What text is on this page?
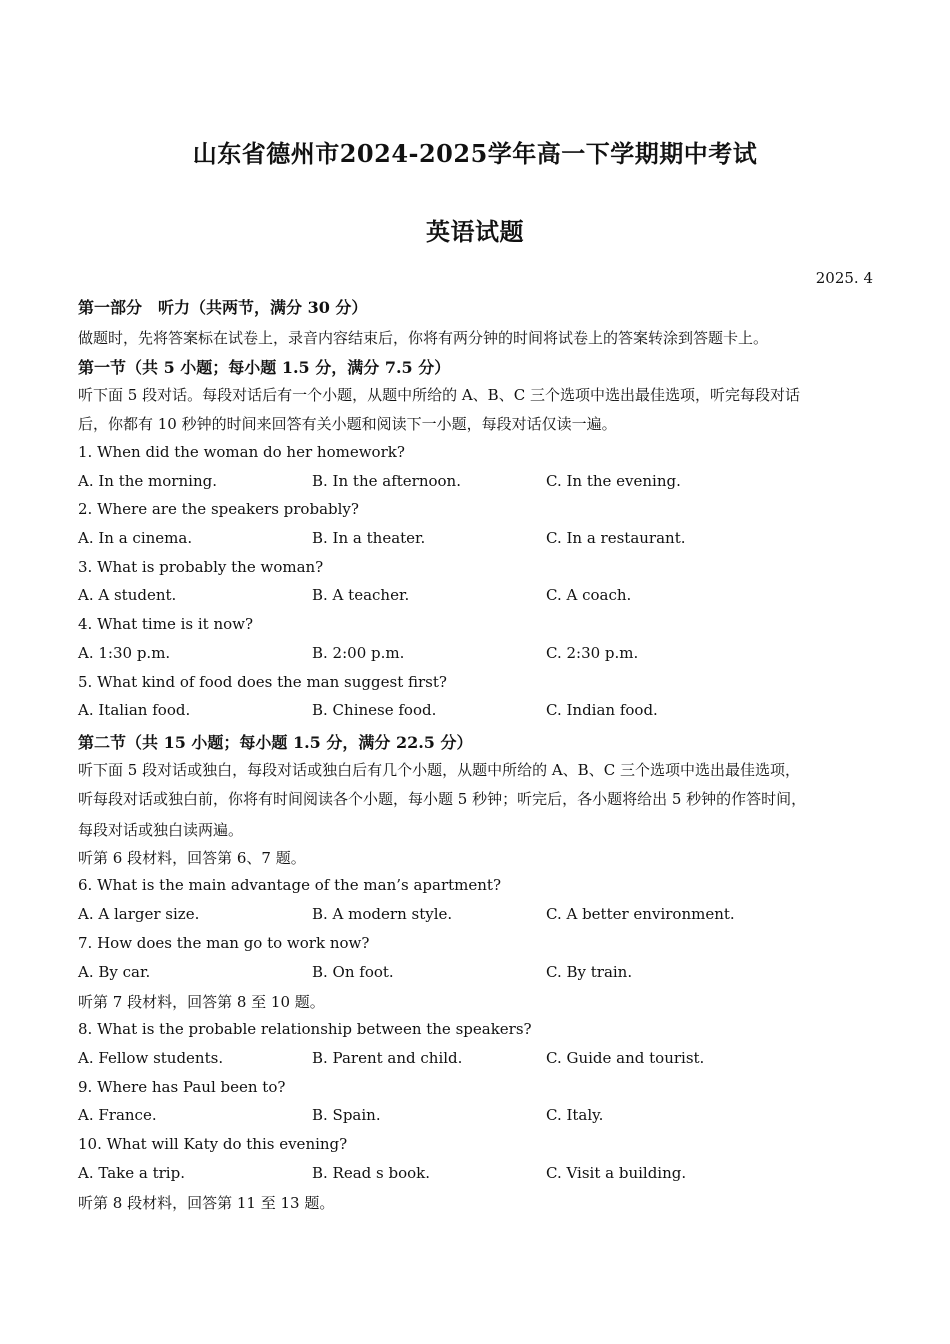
山东省德州市2024-2025学年高一下学期期中考试
英语试题
2025. 4
第一部分　听力（共两节，满分 30 分）
做题时，先将答案标在试卷上，录音内容结束后，你将有两分钟的时间将试卷上的答案转涂到答题卡上。
第一节（共 5 小题；每小题 1.5 分，满分 7.5 分）
听下面 5 段对话。每段对话后有一个小题，从题中所给的 A、B、C 三个选项中选出最佳选项，听完每段对话
后，你都有 10 秒钟的时间来回答有关小题和阅读下一小题，每段对话仅读一遍。
1. When did the woman do her homework?
A. In the morning.	B. In the afternoon.	C. In the evening.
2. Where are the speakers probably?
A. In a cinema.	B. In a theater.	C. In a restaurant.
3. What is probably the woman?
A. A student.	B. A teacher.	C. A coach.
4. What time is it now?
A. 1:30 p.m.	B. 2:00 p.m.	C. 2:30 p.m.
5. What kind of food does the man suggest first?
A. Italian food.	B. Chinese food.	C. Indian food.
第二节（共 15 小题；每小题 1.5 分，满分 22.5 分）
听下面 5 段对话或独白，每段对话或独白后有几个小题，从题中所给的 A、B、C 三个选项中选出最佳选项，
听每段对话或独白前，你将有时间阅读各个小题，每小题 5 秒钟；听完后，各小题将给出 5 秒钟的作答时间，
每段对话或独白读两遍。
听第 6 段材料，回答第 6、7 题。
6. What is the main advantage of the man’s apartment?
A. A larger size.	B. A modern style.	C. A better environment.
7. How does the man go to work now?
A. By car.	B. On foot.	C. By train.
听第 7 段材料，回答第 8 至 10 题。
8. What is the probable relationship between the speakers?
A. Fellow students.	B. Parent and child.	C. Guide and tourist.
9. Where has Paul been to?
A. France.	B. Spain.	C. Italy.
10. What will Katy do this evening?
A. Take a trip.	B. Read s book.	C. Visit a building.
听第 8 段材料，回答第 11 至 13 题。
